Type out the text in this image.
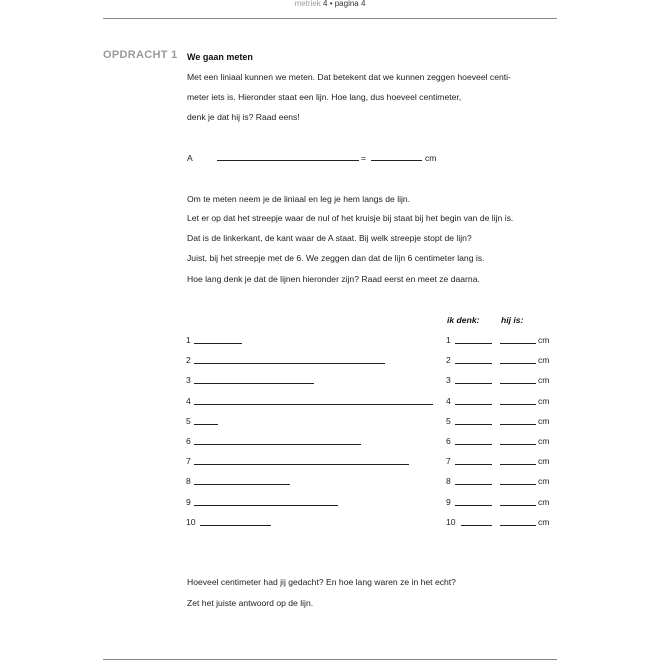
metriek 4 • pagina 4
OPDRACHT 1 We gaan meten
Met een liniaal kunnen we meten. Dat betekent dat we kunnen zeggen hoeveel centi-
meter iets is. Hieronder staat een lijn. Hoe lang, dus hoeveel centimeter,
denk je dat hij is? Raad eens!
A	=	cm
Om te meten neem je de liniaal en leg je hem langs de lijn.
Let er op dat het streepje waar de nul of het kruisje bij staat bij het begin van de lijn is.
Dat is de linkerkant, de kant waar de A staat. Bij welk streepje stopt de lijn?
Juist, bij het streepje met de 6. We zeggen dan dat de lijn 6 centimeter lang is.
Hoe lang denk je dat de lijnen hieronder zijn? Raad eerst en meet ze daarna.
ik denk:	hij is:
1	1	cm
2	2	cm
3	3	cm
4	4	cm
5	5	cm
6	6	cm
7	7	cm
8	8	cm
9	9	cm
10	10	cm
Hoeveel centimeter had jij gedacht? En hoe lang waren ze in het echt?
Zet het juiste antwoord op de lijn.
